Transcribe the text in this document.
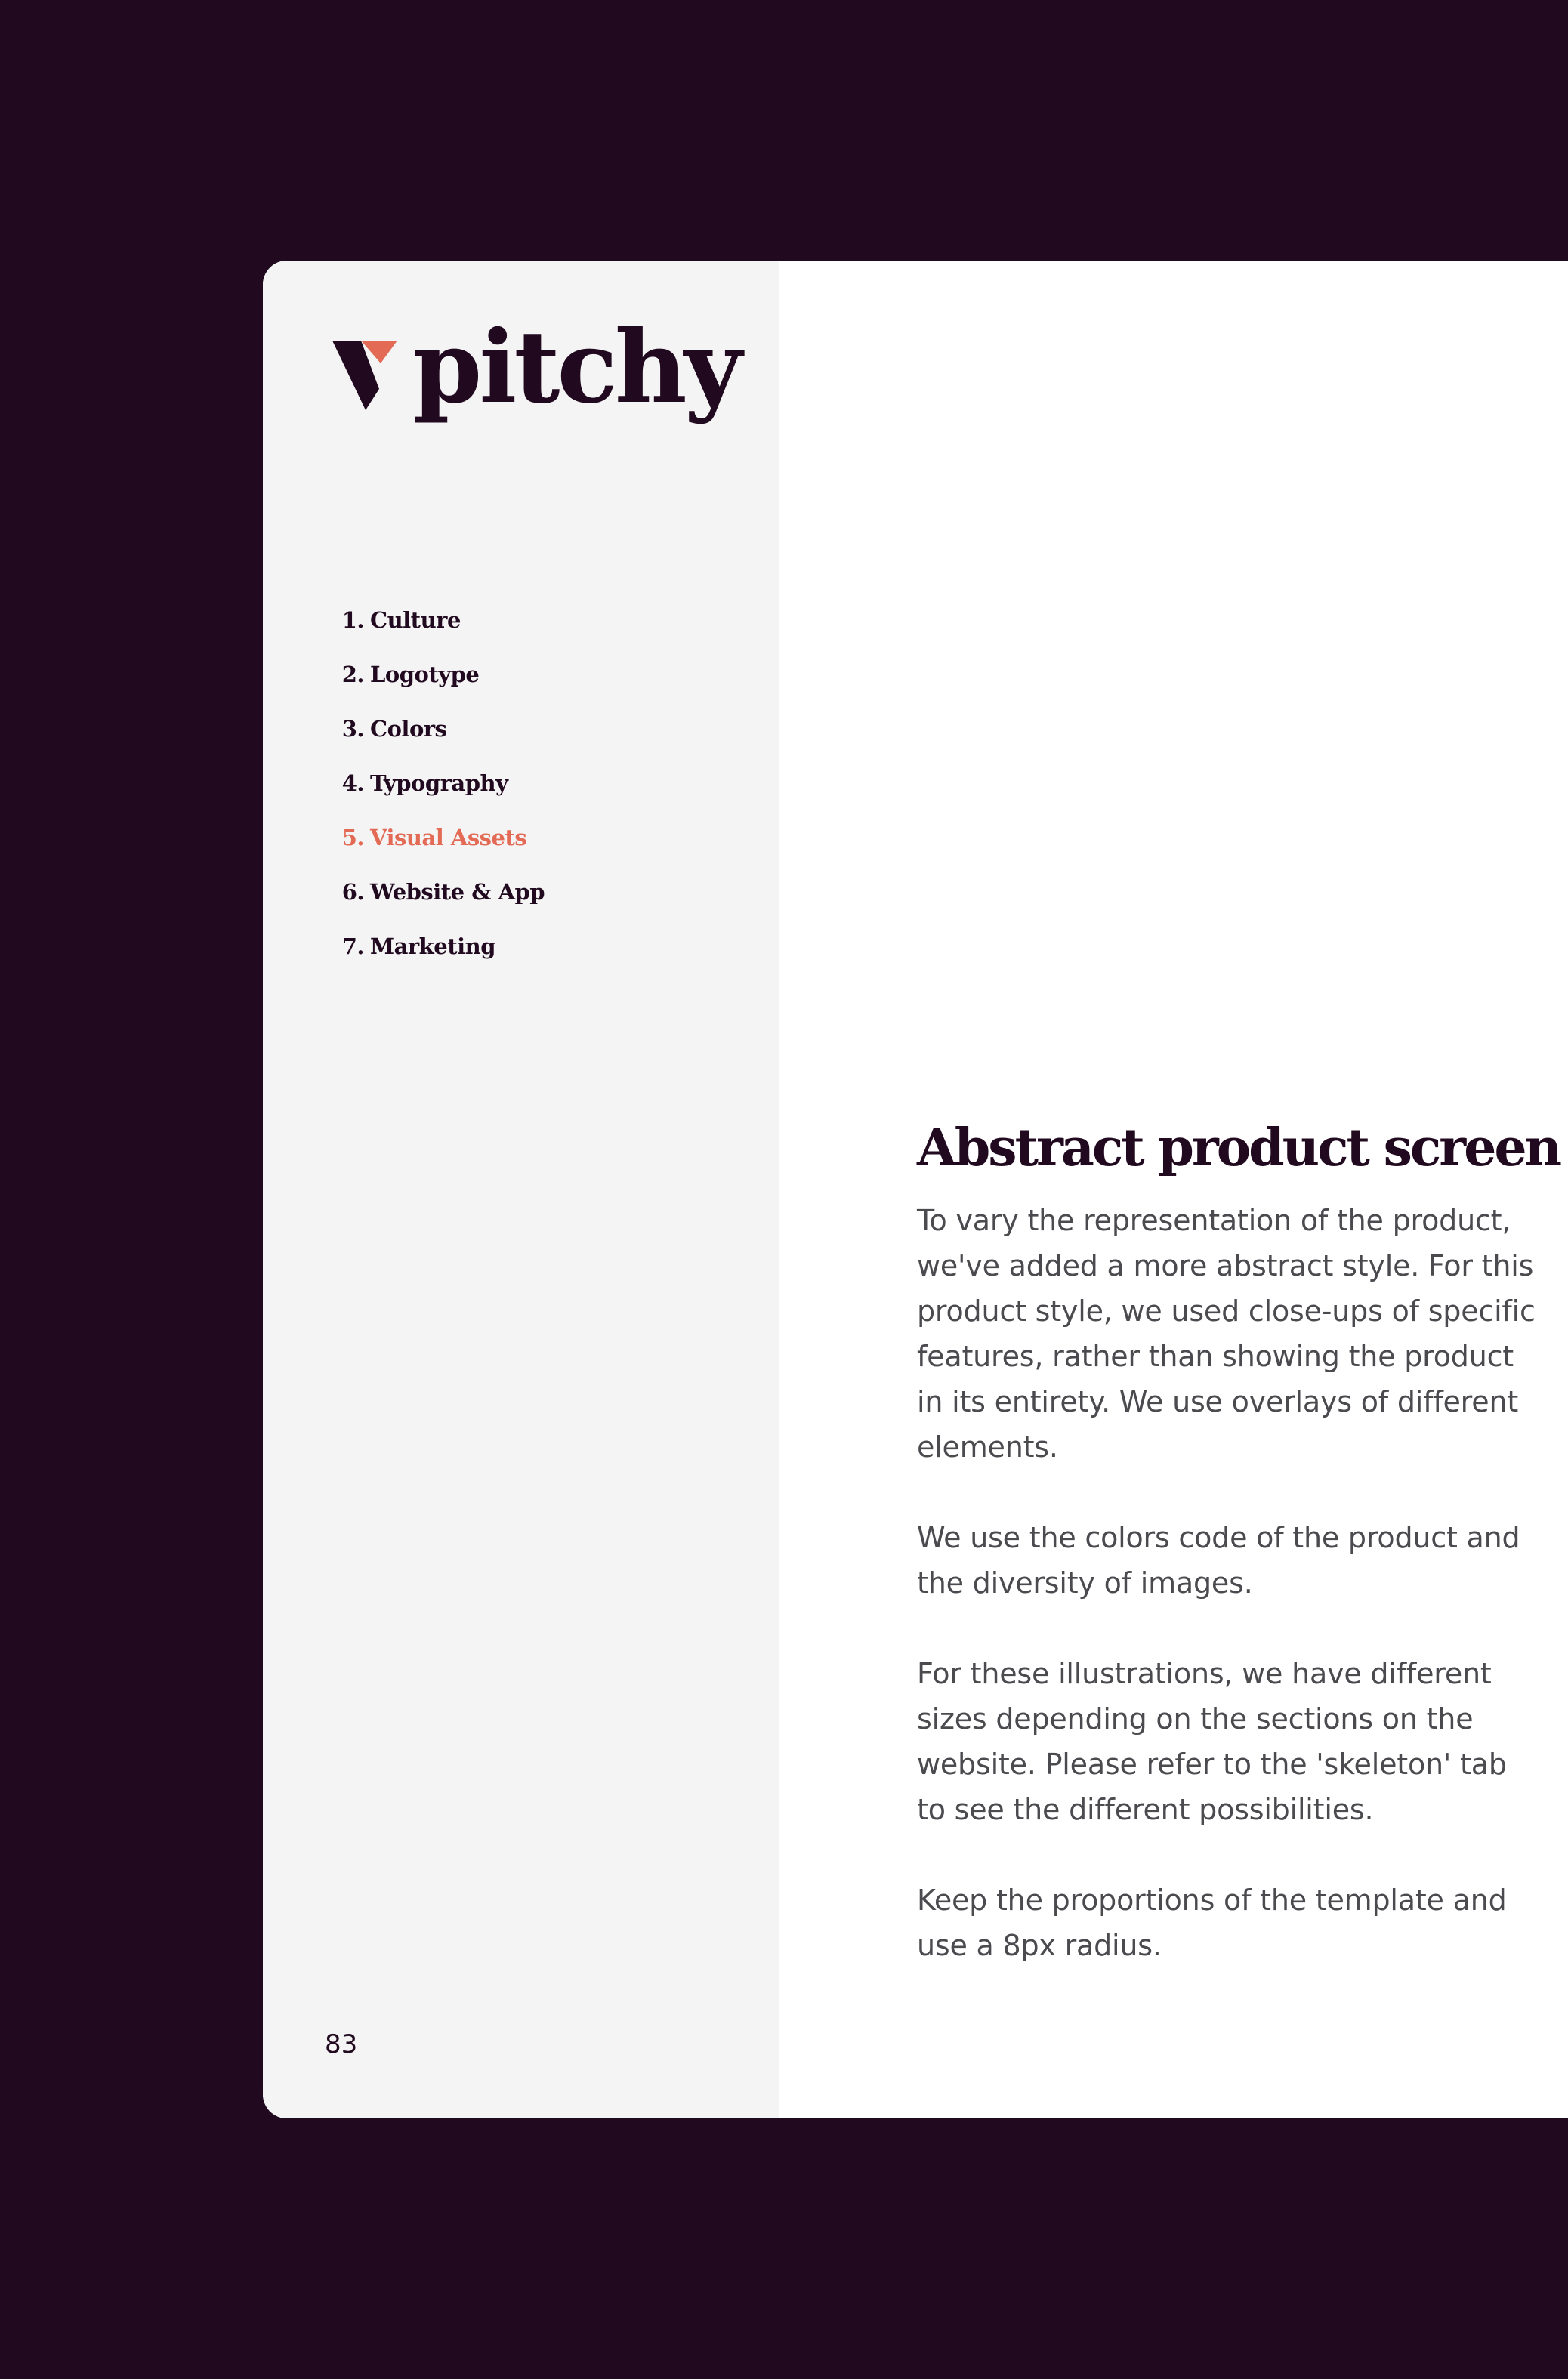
pitchy
1. Culture
2. Logotype
3. Colors
4. Typography
5. Visual Assets
6. Website & App
7. Marketing
83
Abstract product screen

To vary the representation of the product, we've added a more abstract style. For this product style, we used close-ups of specific features, rather than showing the product in its entirety. We use overlays of different elements.

We use the colors code of the product and the diversity of images.

For these illustrations, we have different sizes depending on the sections on the website. Please refer to the 'skeleton' tab to see the different possibilities.

Keep the proportions of the template and use a 8px radius.
